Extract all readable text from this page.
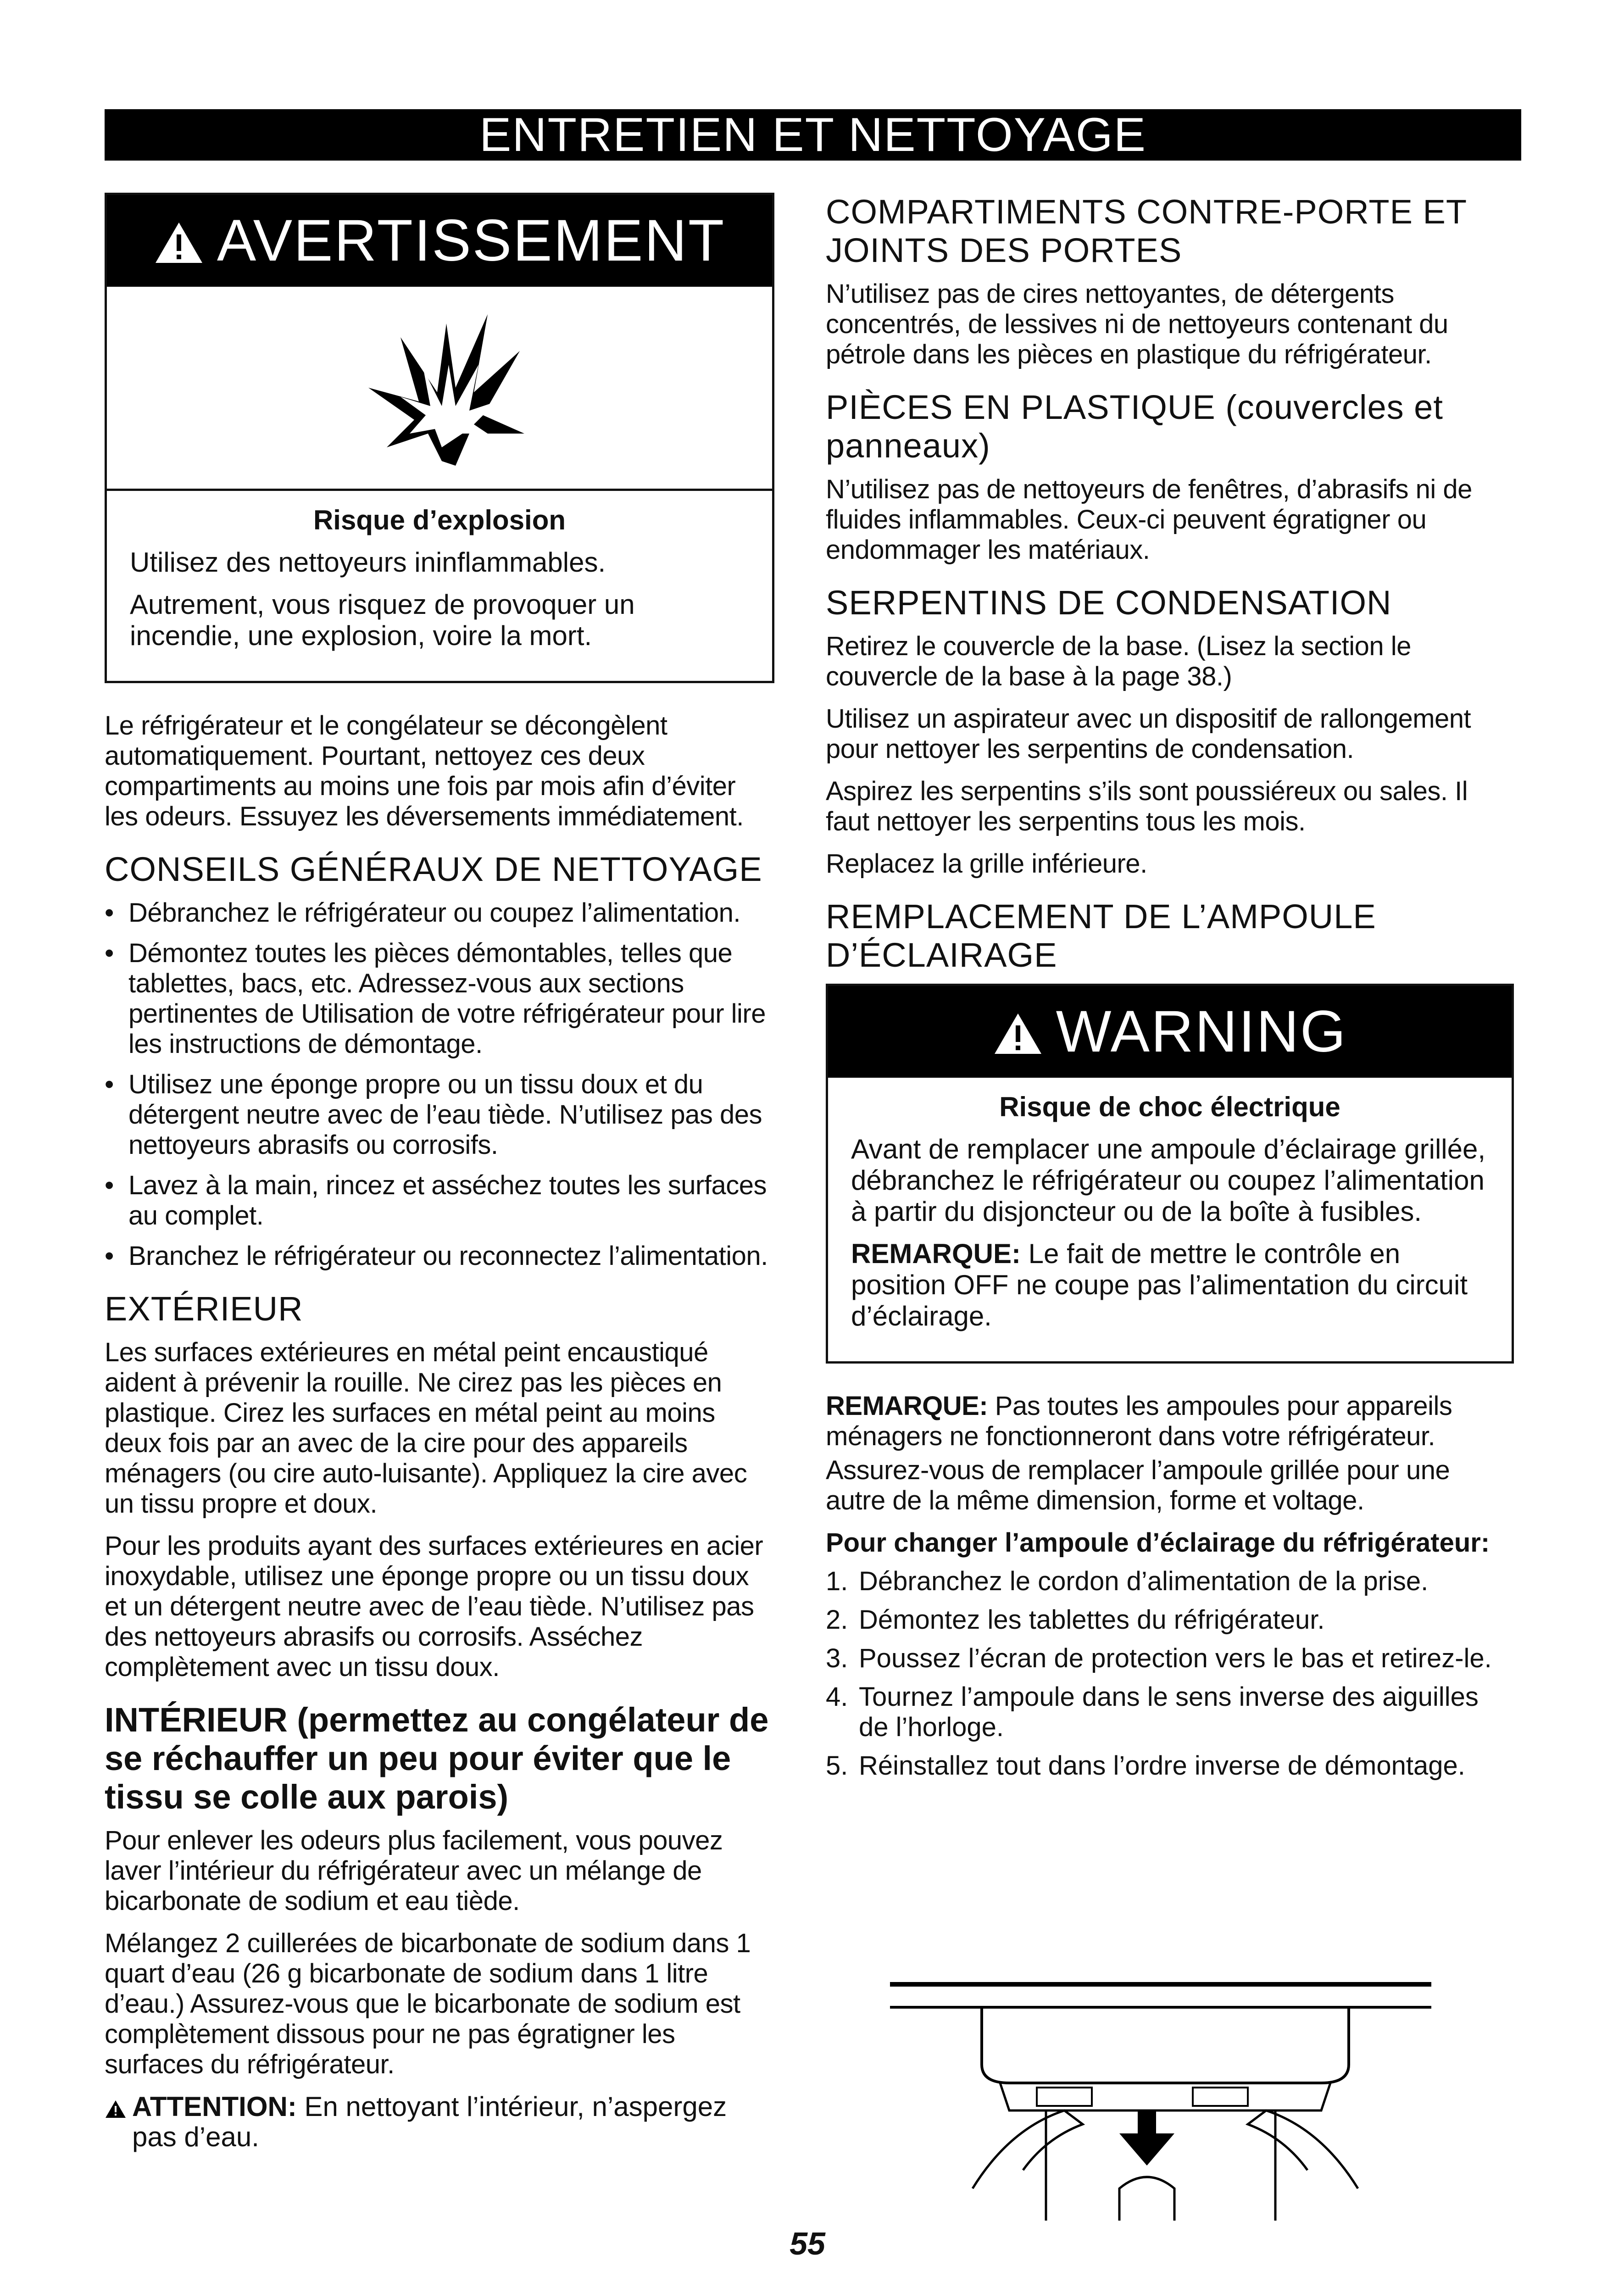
ENTRETIEN ET NETTOYAGE
AVERTISSEMENT
Risque d’explosion

Utilisez des nettoyeurs ininflammables.

Autrement, vous risquez de provoquer un incendie, une explosion, voire la mort.

Le réfrigérateur et le congélateur se décongèlent automatiquement. Pourtant, nettoyez ces deux compartiments au moins une fois par mois afin d’éviter les odeurs. Essuyez les déversements immédiatement.

CONSEILS GÉNÉRAUX DE NETTOYAGE
• Débranchez le réfrigérateur ou coupez l’alimentation.
• Démontez toutes les pièces démontables, telles que tablettes, bacs, etc. Adressez-vous aux sections pertinentes de Utilisation de votre réfrigérateur pour lire les instructions de démontage.
• Utilisez une éponge propre ou un tissu doux et du détergent neutre avec de l’eau tiède. N’utilisez pas des nettoyeurs abrasifs ou corrosifs.
• Lavez à la main, rincez et asséchez toutes les surfaces au complet.
• Branchez le réfrigérateur ou reconnectez l’alimentation.
EXTÉRIEUR

Les surfaces extérieures en métal peint encaustiqué aident à prévenir la rouille. Ne cirez pas les pièces en plastique. Cirez les surfaces en métal peint au moins deux fois par an avec de la cire pour des appareils ménagers (ou cire auto-luisante). Appliquez la cire avec un tissu propre et doux.

Pour les produits ayant des surfaces extérieures en acier inoxydable, utilisez une éponge propre ou un tissu doux et un détergent neutre avec de l’eau tiède. N’utilisez pas des nettoyeurs abrasifs ou corrosifs. Asséchez complètement avec un tissu doux.

INTÉRIEUR (permettez au congélateur de se réchauffer un peu pour éviter que le tissu se colle aux parois)

Pour enlever les odeurs plus facilement, vous pouvez laver l’intérieur du réfrigérateur avec un mélange de bicarbonate de sodium et eau tiède.

Mélangez 2 cuillerées de bicarbonate de sodium dans 1 quart d’eau (26 g bicarbonate de sodium dans 1 litre d’eau.) Assurez-vous que le bicarbonate de sodium est complètement dissous pour ne pas égratigner les surfaces du réfrigérateur.

ATTENTION: En nettoyant l’intérieur, n’aspergez pas d’eau.
COMPARTIMENTS CONTRE-PORTE ET JOINTS DES PORTES

N’utilisez pas de cires nettoyantes, de détergents concentrés, de lessives ni de nettoyeurs contenant du pétrole dans les pièces en plastique du réfrigérateur.

PIÈCES EN PLASTIQUE (couvercles et panneaux)

N’utilisez pas de nettoyeurs de fenêtres, d’abrasifs ni de fluides inflammables. Ceux-ci peuvent égratigner ou endommager les matériaux.

SERPENTINS DE CONDENSATION

Retirez le couvercle de la base. (Lisez la section le couvercle de la base à la page 38.)

Utilisez un aspirateur avec un dispositif de rallongement pour nettoyer les serpentins de condensation.

Aspirez les serpentins s’ils sont poussiéreux ou sales. Il faut nettoyer les serpentins tous les mois.

Replacez la grille inférieure.

REMPLACEMENT DE L’AMPOULE D’ÉCLAIRAGE
WARNING
Risque de choc électrique

Avant de remplacer une ampoule d’éclairage grillée, débranchez le réfrigérateur ou coupez l’alimentation à partir du disjoncteur ou de la boîte à fusibles.

REMARQUE: Le fait de mettre le contrôle en position OFF ne coupe pas l’alimentation du circuit d’éclairage.

REMARQUE: Pas toutes les ampoules pour appareils ménagers ne fonctionneront dans votre réfrigérateur.

Assurez-vous de remplacer l’ampoule grillée pour une autre de la même dimension, forme et voltage.

Pour changer l’ampoule d’éclairage du réfrigérateur:
1. Débranchez le cordon d’alimentation de la prise.
2. Démontez les tablettes du réfrigérateur.
3. Poussez l’écran de protection vers le bas et retirez-le.
4. Tournez l’ampoule dans le sens inverse des aiguilles de l’horloge.
5. Réinstallez tout dans l’ordre inverse de démontage.
55
